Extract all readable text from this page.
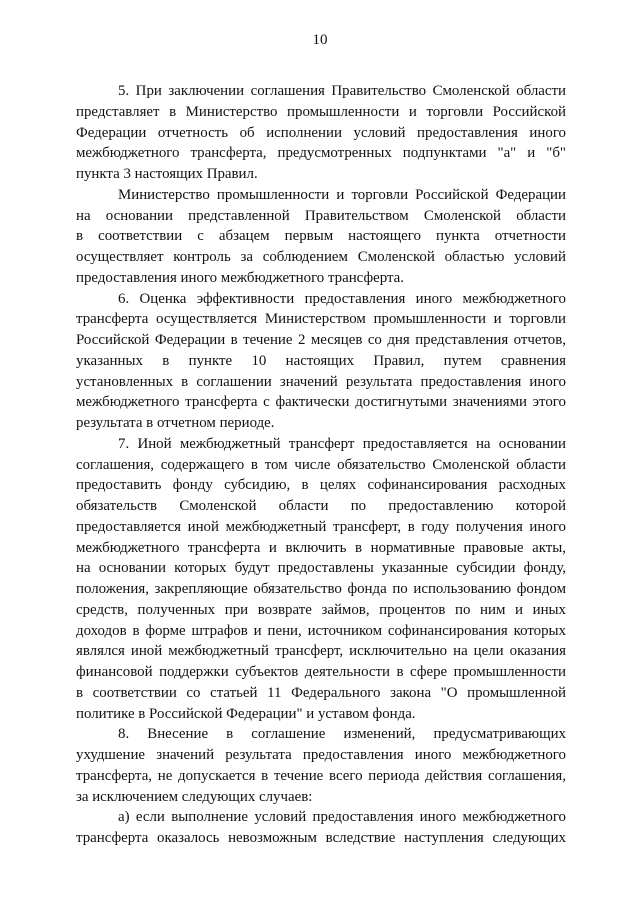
10
5. При заключении соглашения Правительство Смоленской области
представляет в Министерство промышленности и торговли Российской
Федерации отчетность об исполнении условий предоставления иного
межбюджетного трансферта, предусмотренных подпунктами "а" и "б"
пункта 3 настоящих Правил.
Министерство промышленности и торговли Российской Федерации
на основании представленной Правительством Смоленской области
в соответствии с абзацем первым настоящего пункта отчетности
осуществляет контроль за соблюдением Смоленской областью условий
предоставления иного межбюджетного трансферта.
6. Оценка эффективности предоставления иного межбюджетного
трансферта осуществляется Министерством промышленности и торговли
Российской Федерации в течение 2 месяцев со дня представления отчетов,
указанных в пункте 10 настоящих Правил, путем сравнения
установленных в соглашении значений результата предоставления иного
межбюджетного трансферта с фактически достигнутыми значениями этого
результата в отчетном периоде.
7. Иной межбюджетный трансферт предоставляется на основании
соглашения, содержащего в том числе обязательство Смоленской области
предоставить фонду субсидию, в целях софинансирования расходных
обязательств Смоленской области по предоставлению которой
предоставляется иной межбюджетный трансферт, в году получения иного
межбюджетного трансферта и включить в нормативные правовые акты,
на основании которых будут предоставлены указанные субсидии фонду,
положения, закрепляющие обязательство фонда по использованию фондом
средств, полученных при возврате займов, процентов по ним и иных
доходов в форме штрафов и пени, источником софинансирования которых
являлся иной межбюджетный трансферт, исключительно на цели оказания
финансовой поддержки субъектов деятельности в сфере промышленности
в соответствии со статьей 11 Федерального закона "О промышленной
политике в Российской Федерации" и уставом фонда.
8. Внесение в соглашение изменений, предусматривающих
ухудшение значений результата предоставления иного межбюджетного
трансферта, не допускается в течение всего периода действия соглашения,
за исключением следующих случаев:
а) если выполнение условий предоставления иного межбюджетного
трансферта оказалось невозможным вследствие наступления следующих
